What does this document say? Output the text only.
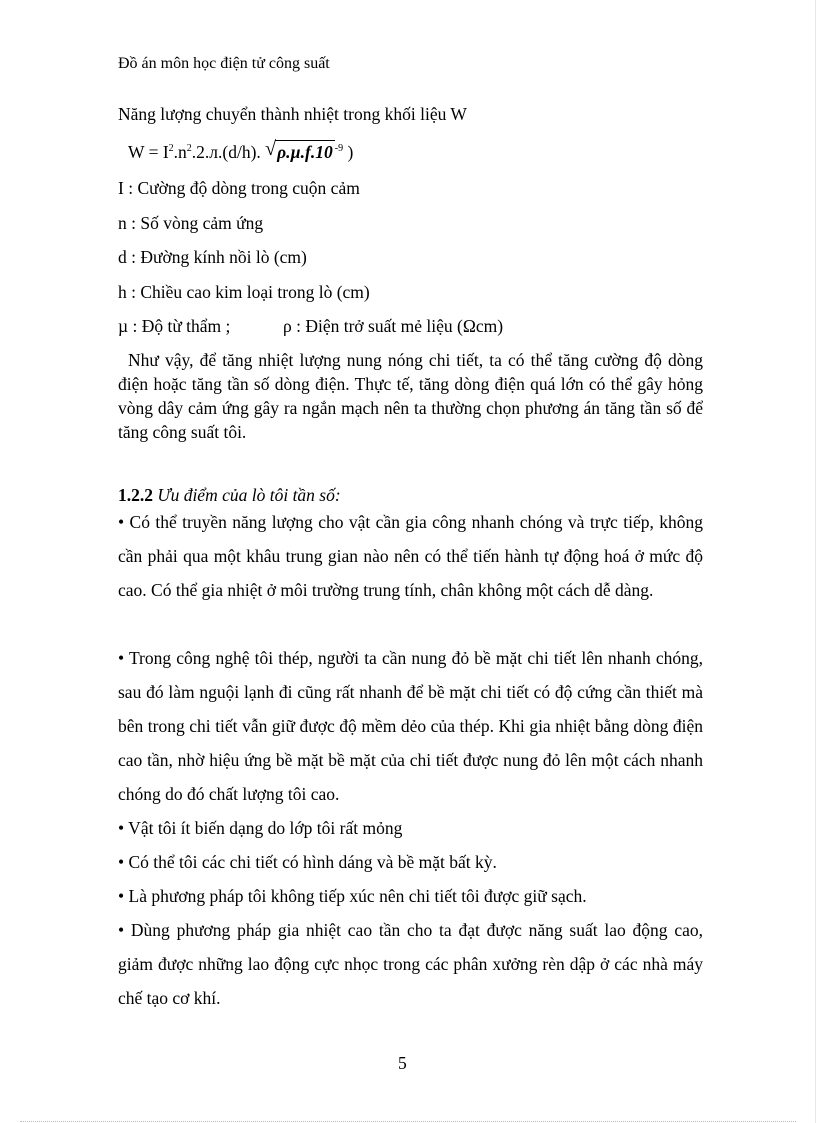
Đồ án môn học điện tử công suất
Năng lượng chuyển thành nhiệt trong khối liệu W
$W = I^2.n^2.2.л.(d/h)$. √ ρ.µ.f.10 $^{-9}$ )
I : Cường độ dòng trong cuộn cảm
n : Số vòng cảm ứng
d : Đường kính nồi lò (cm)
h : Chiều cao kim loại trong lò (cm)
µ : Độ từ thẩm ;	ρ : Điện trở suất mẻ liệu (Ωcm)
Như vậy, để tăng nhiệt lượng nung nóng chi tiết, ta có thể tăng cường độ dòng điện hoặc tăng tần số dòng điện. Thực tế, tăng dòng điện quá lớn có thể gây hỏng vòng dây cảm ứng gây ra ngắn mạch nên ta thường chọn phương án tăng tần số để tăng công suất tôi.
1.2.2 Ưu điểm của lò tôi tần số:
• Có thể truyền năng lượng cho vật cần gia công nhanh chóng và trực tiếp, không cần phải qua một khâu trung gian nào nên có thể tiến hành tự động hoá ở mức độ cao. Có thể gia nhiệt ở môi trường trung tính, chân không một cách dễ dàng.
• Trong công nghệ tôi thép, người ta cần nung đỏ bề mặt chi tiết lên nhanh chóng, sau đó làm nguội lạnh đi cũng rất nhanh để bề mặt chi tiết có độ cứng cần thiết mà bên trong chi tiết vẫn giữ được độ mềm dẻo của thép. Khi gia nhiệt bằng dòng điện cao tần, nhờ hiệu ứng bề mặt bề mặt của chi tiết được nung đỏ lên một cách nhanh chóng do đó chất lượng tôi cao.
• Vật tôi ít biến dạng do lớp tôi rất mỏng
• Có thể tôi các chi tiết có hình dáng và bề mặt bất kỳ.
• Là phương pháp tôi không tiếp xúc nên chi tiết tôi được giữ sạch.
• Dùng phương pháp gia nhiệt cao tần cho ta đạt được năng suất lao động cao, giảm được những lao động cực nhọc trong các phân xưởng rèn dập ở các nhà máy chế tạo cơ khí.
5
